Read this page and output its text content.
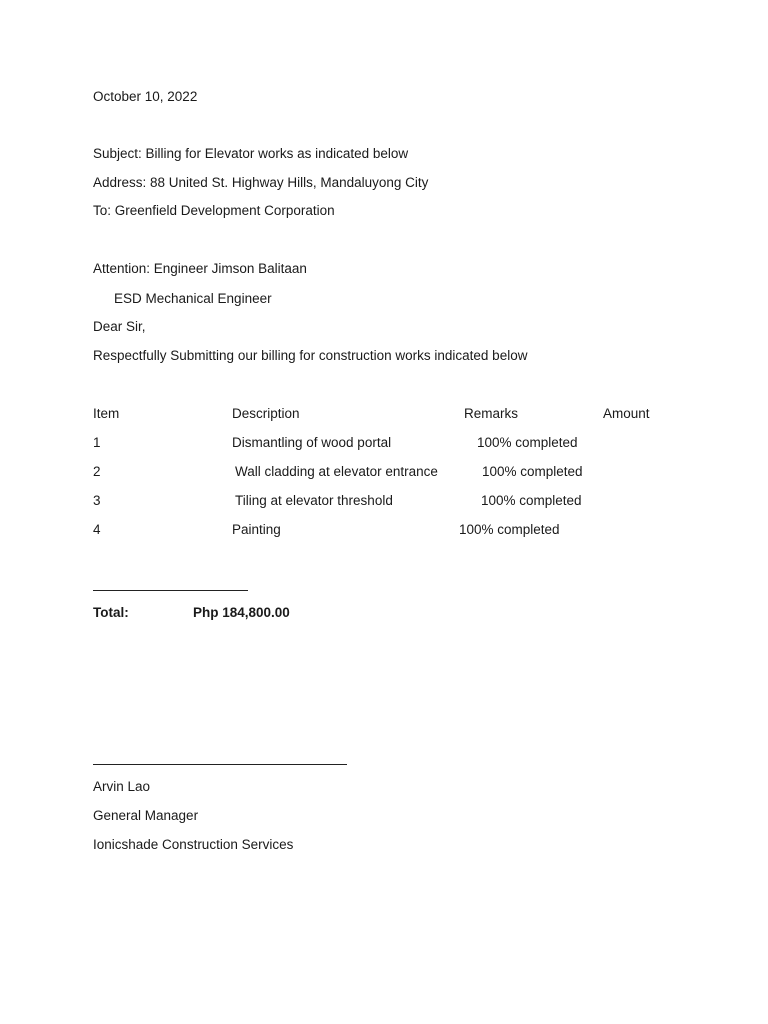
October 10, 2022
Subject: Billing for Elevator works as indicated below
Address: 88 United St. Highway Hills, Mandaluyong City
To: Greenfield Development Corporation
Attention: Engineer Jimson Balitaan
ESD Mechanical Engineer
Dear Sir,
Respectfully Submitting our billing for construction works indicated below
Item	Description	Remarks	Amount
1	Dismantling of wood portal	100% completed
2	Wall cladding at elevator entrance	100% completed
3	Tiling at elevator threshold	100% completed
4	Painting	100% completed
Total:	Php 184,800.00
Arvin Lao
General Manager
Ionicshade Construction Services
